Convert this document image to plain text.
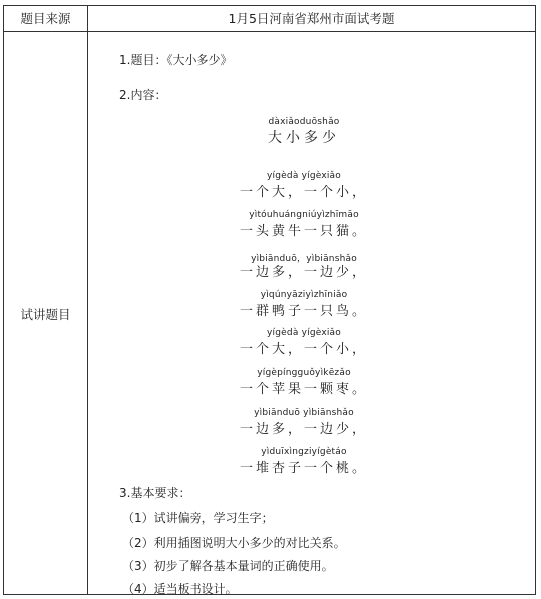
题目来源	1月5日河南省郑州市面试考题
试讲题目
1.题目：《大小多少》
2.内容：
dàxiǎoduōshǎo
大小多少
yígèdà yígèxiǎo
一个大，一个小，
yìtóuhuángniúyìzhīmāo
一头黄牛一只猫。
yìbiānduō，yìbiānshǎo
一边多，一边少，
yìqúnyāziyìzhīniǎo
一群鸭子一只鸟。
yígèdà yígèxiǎo
一个大，一个小，
yígèpíngguǒyìkēzǎo
一个苹果一颗枣。
yìbiānduō yìbiānshǎo
一边多，一边少，
yìduīxìngziyígètáo
一堆杏子一个桃。
3.基本要求：
（1）试讲偏旁，学习生字；
（2）利用插图说明大小多少的对比关系。
（3）初步了解各基本量词的正确使用。
（4）适当板书设计。
